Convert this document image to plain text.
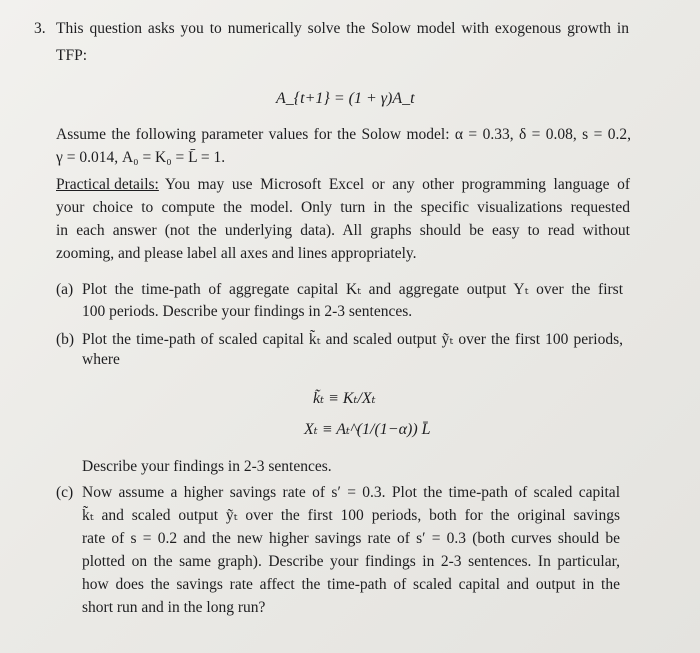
3. This question asks you to numerically solve the Solow model with exogenous growth in
TFP:
A_{t+1} = (1 + γ)A_t
Assume the following parameter values for the Solow model: α = 0.33, δ = 0.08, s = 0.2,
γ = 0.014, A₀ = K₀ = L̄ = 1.
Practical details: You may use Microsoft Excel or any other programming language of
your choice to compute the model. Only turn in the specific visualizations requested
in each answer (not the underlying data). All graphs should be easy to read without
zooming, and please label all axes and lines appropriately.
(a) Plot the time-path of aggregate capital Kₜ and aggregate output Yₜ over the first
100 periods. Describe your findings in 2-3 sentences.
(b) Plot the time-path of scaled capital k̃ₜ and scaled output ỹₜ over the first 100 periods,
where
k̃ₜ ≡ Kₜ/Xₜ
Xₜ ≡ Aₜ^(1/(1−α)) L̄
Describe your findings in 2-3 sentences.
(c) Now assume a higher savings rate of s′ = 0.3. Plot the time-path of scaled capital
k̃ₜ and scaled output ỹₜ over the first 100 periods, both for the original savings
rate of s = 0.2 and the new higher savings rate of s′ = 0.3 (both curves should be
plotted on the same graph). Describe your findings in 2-3 sentences. In particular,
how does the savings rate affect the time-path of scaled capital and output in the
short run and in the long run?
